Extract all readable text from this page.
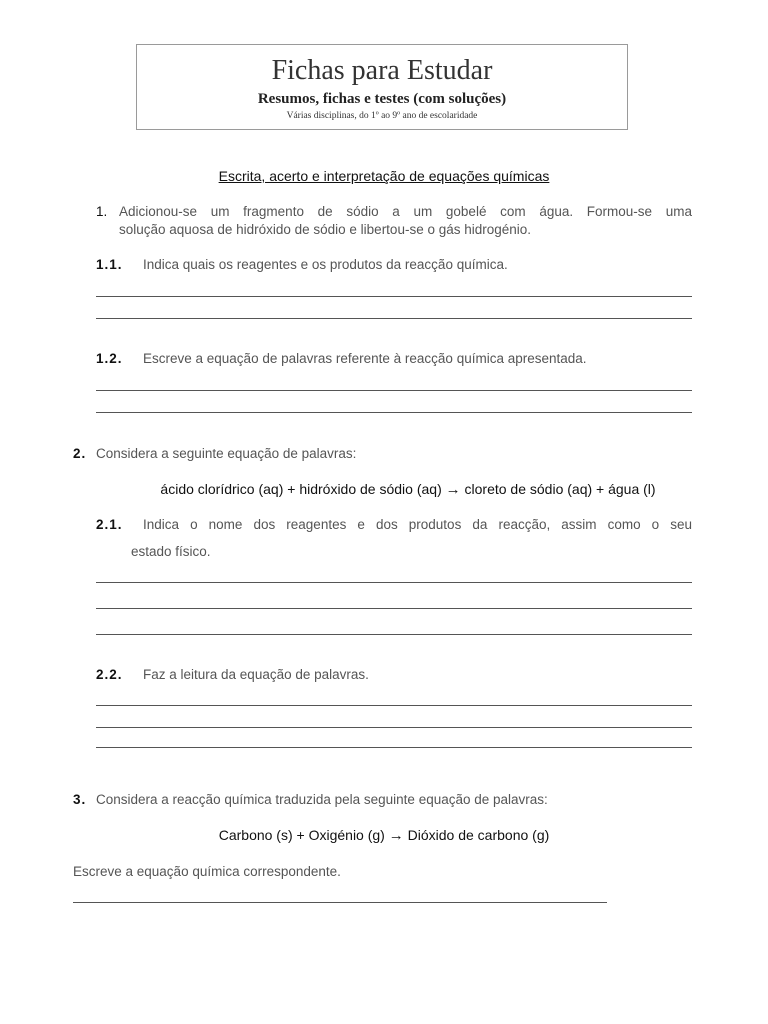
Fichas para Estudar
Resumos, fichas e testes (com soluções)
Várias disciplinas, do 1º ao 9º ano de escolaridade
Escrita, acerto e interpretação de equações químicas
1. Adicionou-se um fragmento de sódio a um gobelé com água. Formou-se uma
solução aquosa de hidróxido de sódio e libertou-se o gás hidrogénio.
1.1. Indica quais os reagentes e os produtos da reacção química.
1.2. Escreve a equação de palavras referente à reacção química apresentada.
2. Considera a seguinte equação de palavras:
ácido clorídrico (aq) + hidróxido de sódio (aq) → cloreto de sódio (aq) + água (l)
2.1. Indica o nome dos reagentes e dos produtos da reacção, assim como o seu
estado físico.
2.2. Faz a leitura da equação de palavras.
3. Considera a reacção química traduzida pela seguinte equação de palavras:
Carbono (s) + Oxigénio (g) → Dióxido de carbono (g)
Escreve a equação química correspondente.
